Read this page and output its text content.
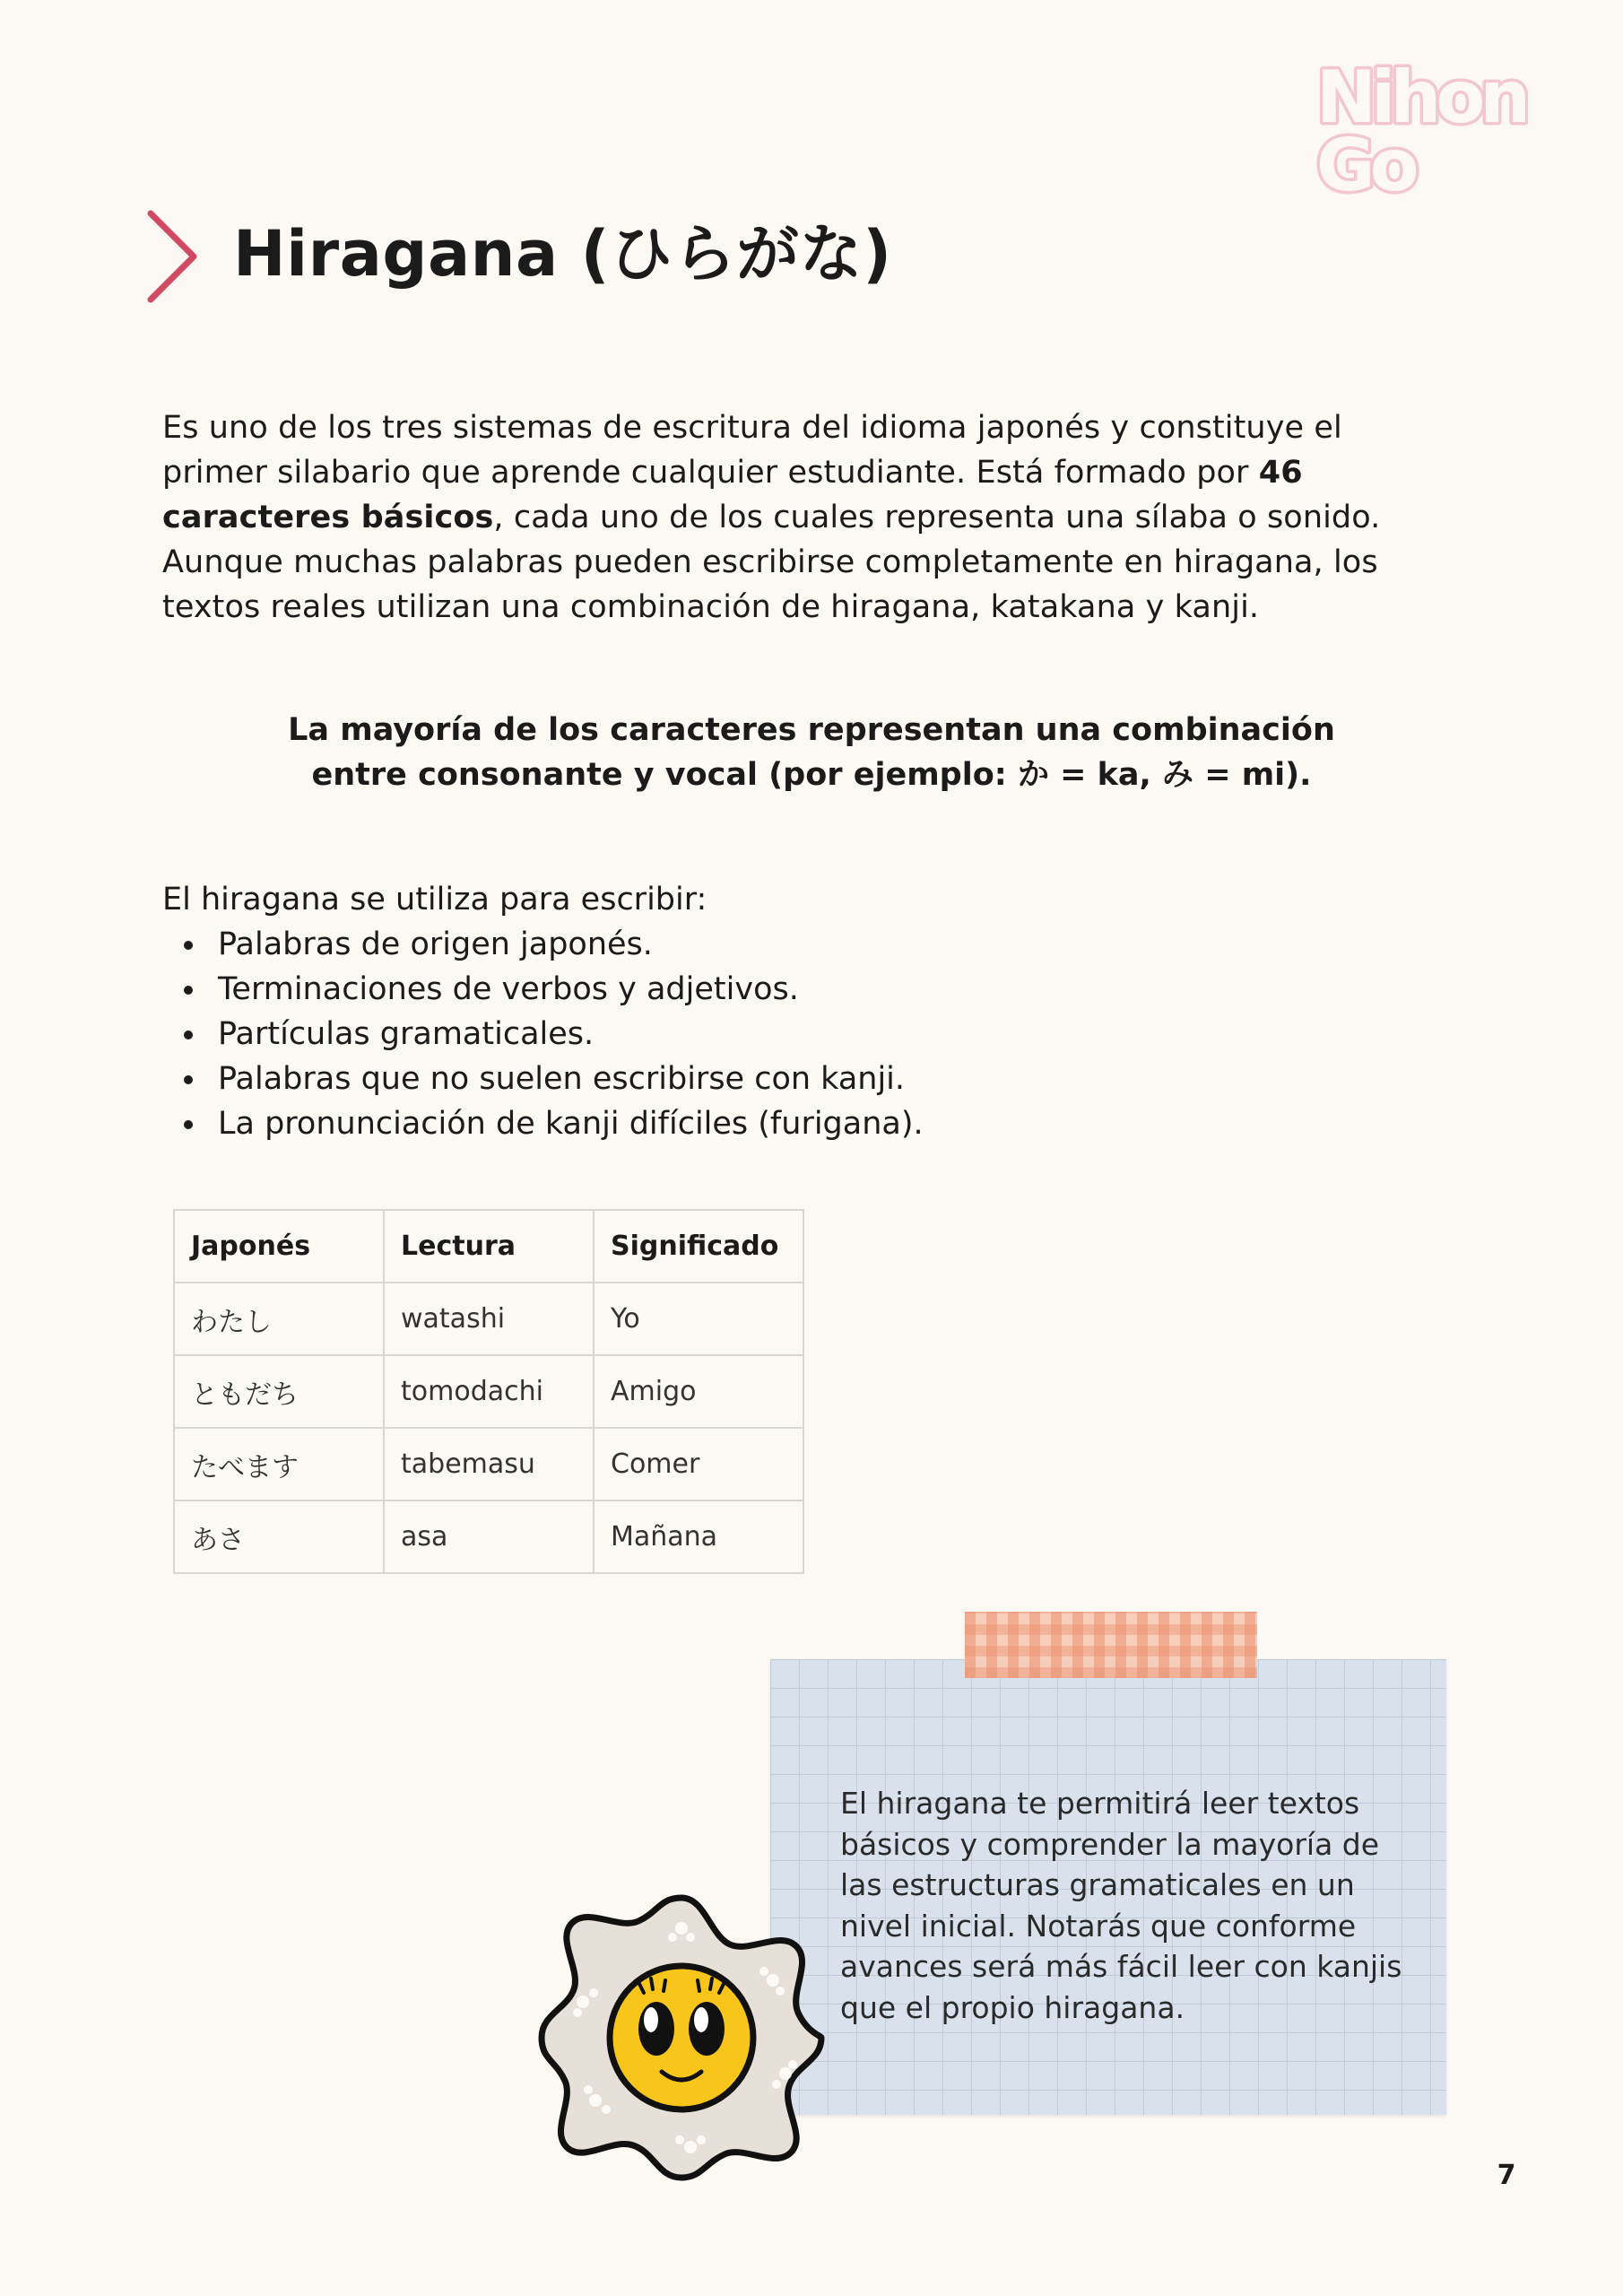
Nihon
Go
Hiragana (ひらがな)

Es uno de los tres sistemas de escritura del idioma japonés y constituye el primer silabario que aprende cualquier estudiante. Está formado por 46 caracteres básicos, cada uno de los cuales representa una sílaba o sonido. Aunque muchas palabras pueden escribirse completamente en hiragana, los textos reales utilizan una combinación de hiragana, katakana y kanji.

La mayoría de los caracteres representan una combinación
entre consonante y vocal (por ejemplo: か = ka, み = mi).

El hiragana se utiliza para escribir:

Palabras de origen japonés.
Terminaciones de verbos y adjetivos.
Partículas gramaticales.
Palabras que no suelen escribirse con kanji.
La pronunciación de kanji difíciles (furigana).
Japonés	Lectura	Significado
わたし	watashi	Yo
ともだち	tomodachi	Amigo
たべます	tabemasu	Comer
あさ	asa	Mañana

El hiragana te permitirá leer textos básicos y comprender la mayoría de las estructuras gramaticales en un nivel inicial. Notarás que conforme avances será más fácil leer con kanjis que el propio hiragana.

7
